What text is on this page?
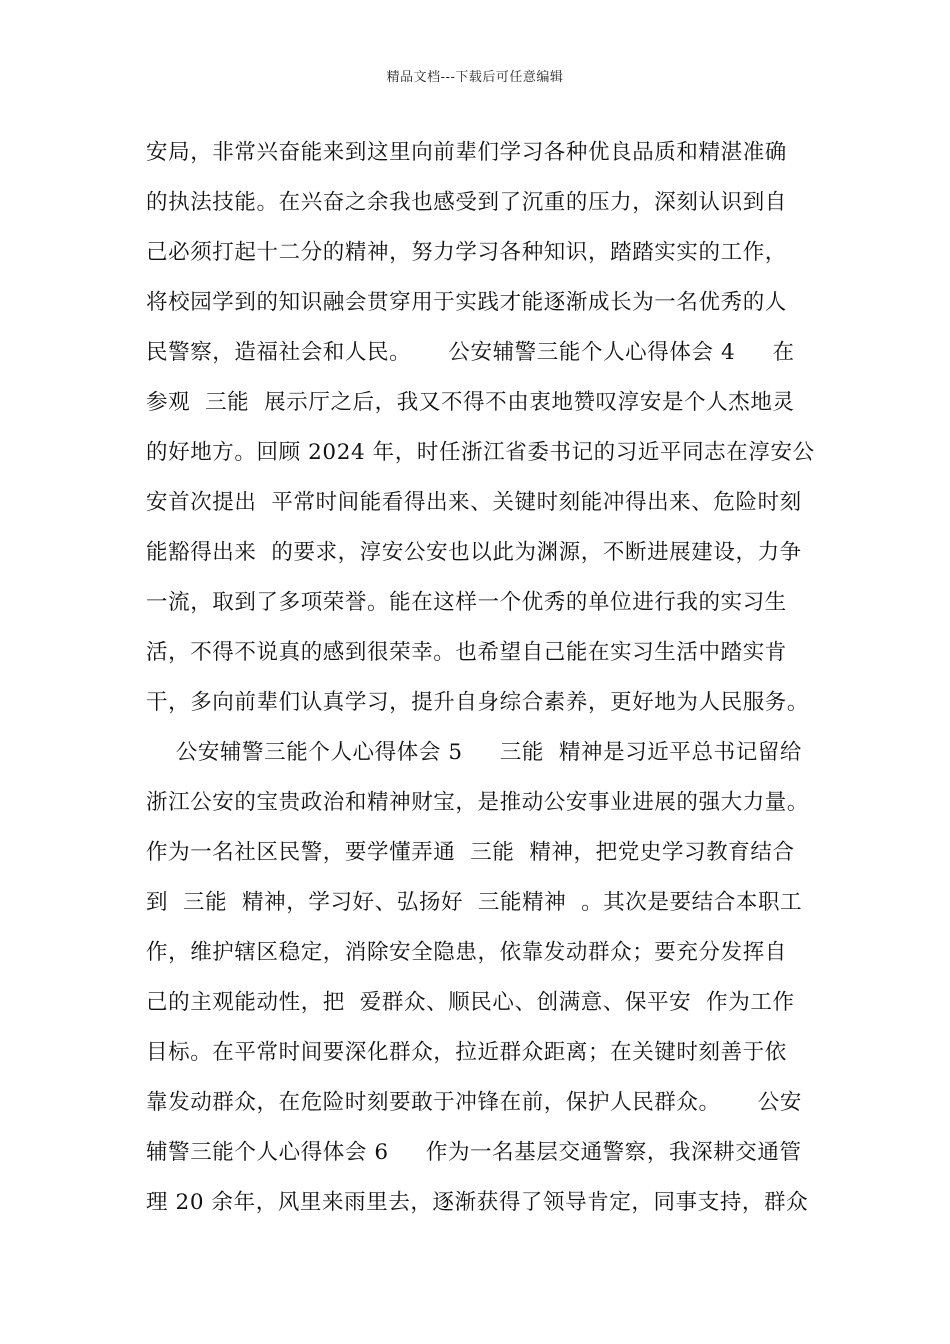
精品文档---下载后可任意编辑
安局，非常兴奋能来到这里向前辈们学习各种优良品质和精湛准确
的执法技能。在兴奋之余我也感受到了沉重的压力，深刻认识到自
己必须打起十二分的精神，努力学习各种知识，踏踏实实的工作，
将校园学到的知识融会贯穿用于实践才能逐渐成长为一名优秀的人
民警察，造福社会和人民。     公安辅警三能个人心得体会 4     在
参观  三能  展示厅之后，我又不得不由衷地赞叹淳安是个人杰地灵
的好地方。回顾 2024 年，时任浙江省委书记的习近平同志在淳安公
安首次提出  平常时间能看得出来、关键时刻能冲得出来、危险时刻
能豁得出来  的要求，淳安公安也以此为渊源，不断进展建设，力争
一流，取到了多项荣誉。能在这样一个优秀的单位进行我的实习生
活，不得不说真的感到很荣幸。也希望自己能在实习生活中踏实肯
干，多向前辈们认真学习，提升自身综合素养，更好地为人民服务。
公安辅警三能个人心得体会 5     三能  精神是习近平总书记留给
浙江公安的宝贵政治和精神财宝，是推动公安事业进展的强大力量。
作为一名社区民警，要学懂弄通  三能  精神，把党史学习教育结合
到  三能  精神，学习好、弘扬好  三能精神  。其次是要结合本职工
作，维护辖区稳定，消除安全隐患，依靠发动群众；要充分发挥自
己的主观能动性，把  爱群众、顺民心、创满意、保平安  作为工作
目标。在平常时间要深化群众，拉近群众距离；在关键时刻善于依
靠发动群众，在危险时刻要敢于冲锋在前，保护人民群众。     公安
辅警三能个人心得体会 6     作为一名基层交通警察，我深耕交通管
理 20 余年，风里来雨里去，逐渐获得了领导肯定，同事支持，群众
